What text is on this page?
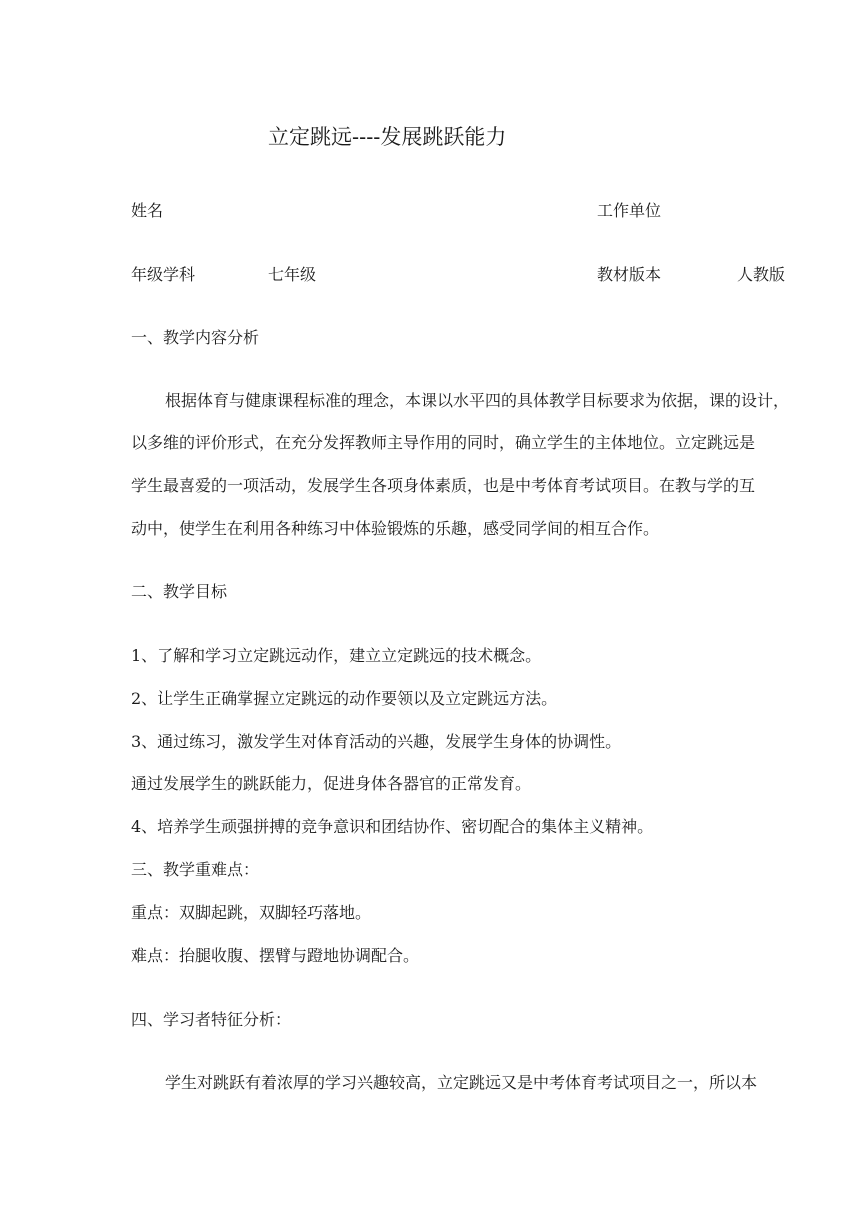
立定跳远----发展跳跃能力
姓名	工作单位
年级学科	七年级	教材版本	人教版
一、教学内容分析
根据体育与健康课程标准的理念，本课以水平四的具体教学目标要求为依据，课的设计，
以多维的评价形式，在充分发挥教师主导作用的同时，确立学生的主体地位。立定跳远是
学生最喜爱的一项活动，发展学生各项身体素质，也是中考体育考试项目。在教与学的互
动中，使学生在利用各种练习中体验锻炼的乐趣，感受同学间的相互合作。
二、教学目标
1、了解和学习立定跳远动作，建立立定跳远的技术概念。
2、让学生正确掌握立定跳远的动作要领以及立定跳远方法。
3、通过练习，激发学生对体育活动的兴趣，发展学生身体的协调性。
通过发展学生的跳跃能力，促进身体各器官的正常发育。
4、培养学生顽强拼搏的竞争意识和团结协作、密切配合的集体主义精神。
三、教学重难点：
重点：双脚起跳，双脚轻巧落地。
难点：抬腿收腹、摆臂与蹬地协调配合。
四、学习者特征分析：
学生对跳跃有着浓厚的学习兴趣较高，立定跳远又是中考体育考试项目之一，所以本
